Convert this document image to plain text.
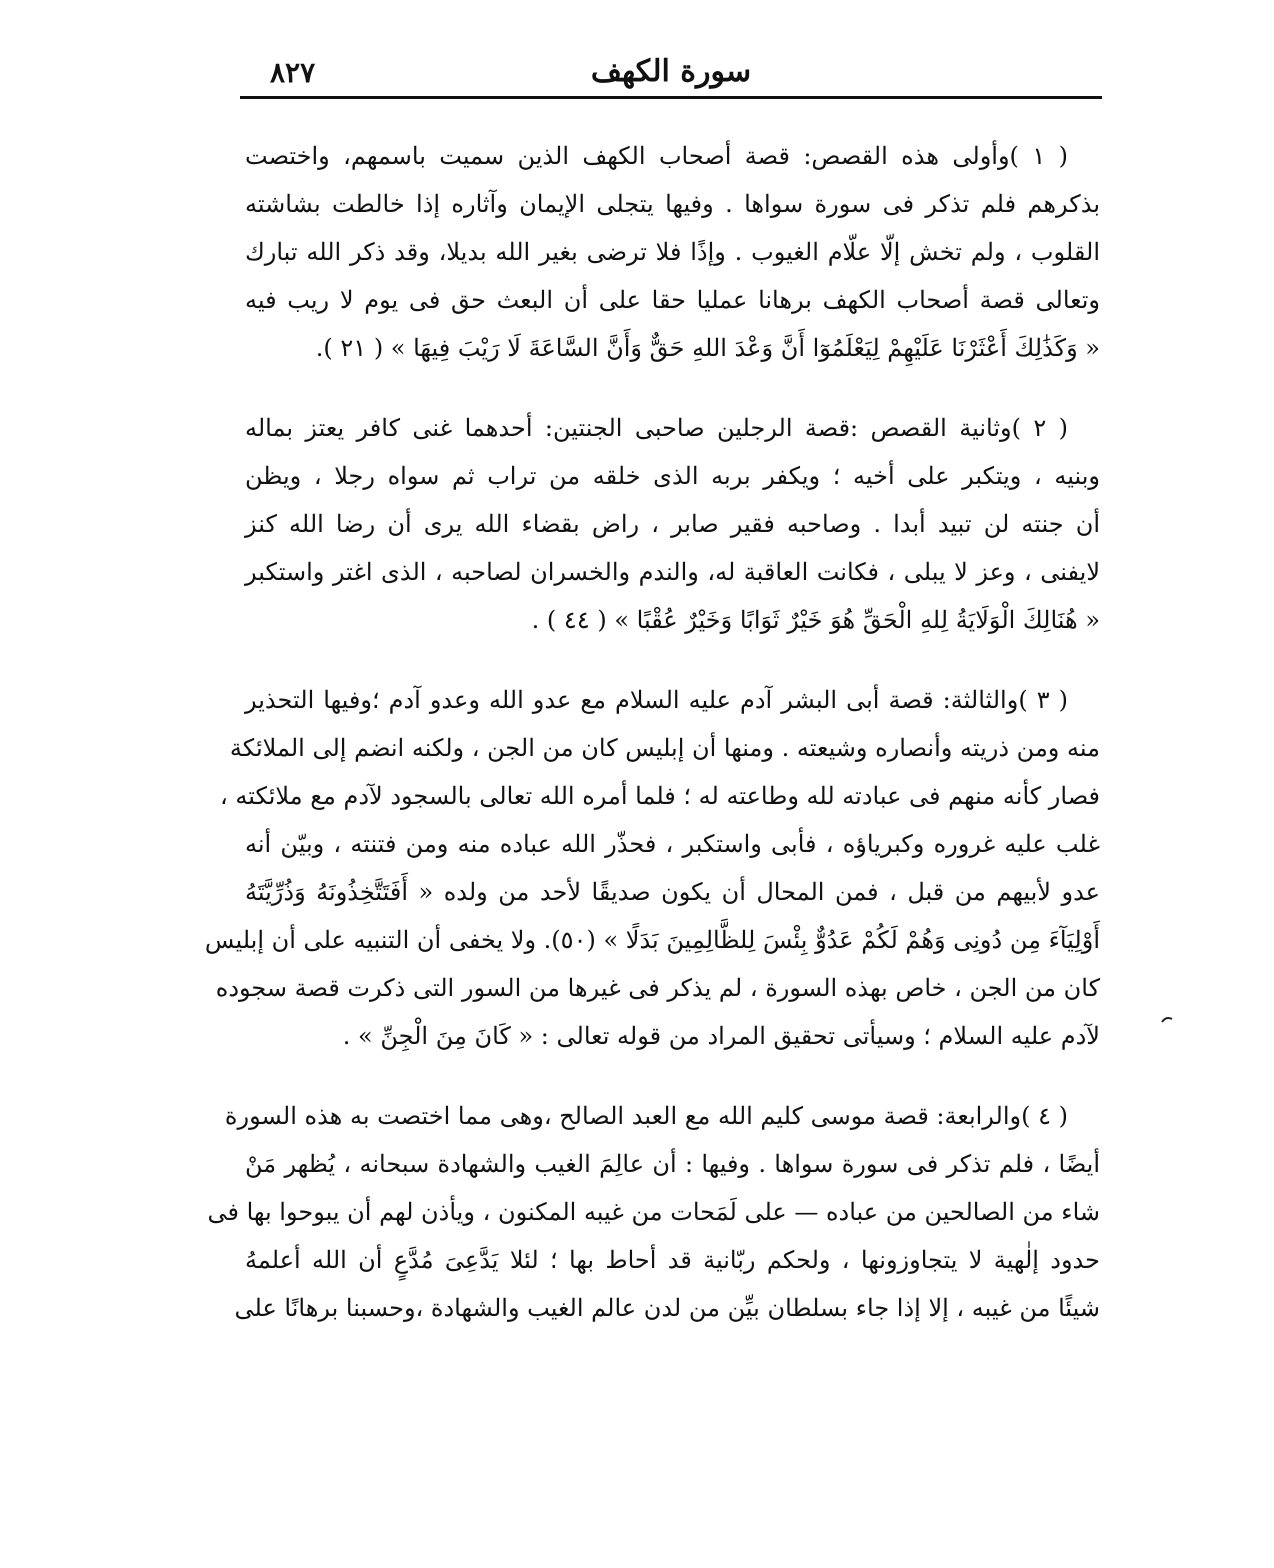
٨٢٧	سورة الكهف
( ١ )وأولى هذه القصص: قصة أصحاب الكهف الذين سميت باسمهم، واختصت
بذكرهم فلم تذكر فى سورة سواها . وفيها يتجلى الإيمان وآثاره إذا خالطت بشاشته
القلوب ، ولم تخش إلّا علّام الغيوب . وإذًا فلا ترضى بغير الله بديلا، وقد ذكر الله تبارك
وتعالى قصة أصحاب الكهف برهانا عمليا حقا على أن البعث حق فى يوم لا ريب فيه
« وَكَذَٰلِكَ أَعْثَرْنَا عَلَيْهِمْ لِيَعْلَمُوٓا أَنَّ وَعْدَ اللهِ حَقٌّ وَأَنَّ السَّاعَةَ لَا رَيْبَ فِيهَا » ( ٢١ ).
( ٢ )وثانية القصص :قصة الرجلين صاحبى الجنتين: أحدهما غنى كافر يعتز بماله
وبنيه ، ويتكبر على أخيه ؛ ويكفر بربه الذى خلقه من تراب ثم سواه رجلا ، ويظن
أن جنته لن تبيد أبدا . وصاحبه فقير صابر ، راض بقضاء الله يرى أن رضا الله كنز
لايفنى ، وعز لا يبلى ، فكانت العاقبة له، والندم والخسران لصاحبه ، الذى اغتر واستكبر
« هُنَالِكَ الْوَلَايَةُ لِلهِ الْحَقِّ هُوَ خَيْرٌ ثَوَابًا وَخَيْرٌ عُقْبًا » ( ٤٤ ) .
( ٣ )والثالثة: قصة أبى البشر آدم عليه السلام مع عدو الله وعدو آدم ؛وفيها التحذير
منه ومن ذريته وأنصاره وشيعته . ومنها أن إبليس كان من الجن ، ولكنه انضم إلى الملائكة
فصار كأنه منهم فى عبادته لله وطاعته له ؛ فلما أمره الله تعالى بالسجود لآدم مع ملائكته ،
غلب عليه غروره وكبرياؤه ، فأبى واستكبر ، فحذّر الله عباده منه ومن فتنته ، وبيّن أنه
عدو لأبيهم من قبل ، فمن المحال أن يكون صديقًا لأحد من ولده « أَفَتَتَّخِذُونَهُ وَذُرِّيَّتَهُ
أَوْلِيَآءَ مِن دُونِى وَهُمْ لَكُمْ عَدُوٌّ بِئْسَ لِلظَّالِمِينَ بَدَلًا » (٥٠). ولا يخفى أن التنبيه على أن إبليس
كان من الجن ، خاص بهذه السورة ، لم يذكر فى غيرها من السور التى ذكرت قصة سجوده
لآدم عليه السلام ؛ وسيأتى تحقيق المراد من قوله تعالى : « كَانَ مِنَ الْجِنِّ » .
( ٤ )والرابعة: قصة موسى كليم الله مع العبد الصالح ،وهى مما اختصت به هذه السورة
أيضًا ، فلم تذكر فى سورة سواها . وفيها : أن عالِمَ الغيب والشهادة سبحانه ، يُظهر مَنْ
شاء من الصالحين من عباده — على لَمَحات من غيبه المكنون ، ويأذن لهم أن يبوحوا بها فى
حدود إلٰهية لا يتجاوزونها ، ولحكم ربّانية قد أحاط بها ؛ لئلا يَدَّعِىَ مُدَّعٍ أن الله أعلمهُ
شيئًا من غيبه ، إلا إذا جاء بسلطان بيِّن من لدن عالم الغيب والشهادة ،وحسبنا برهانًا على
